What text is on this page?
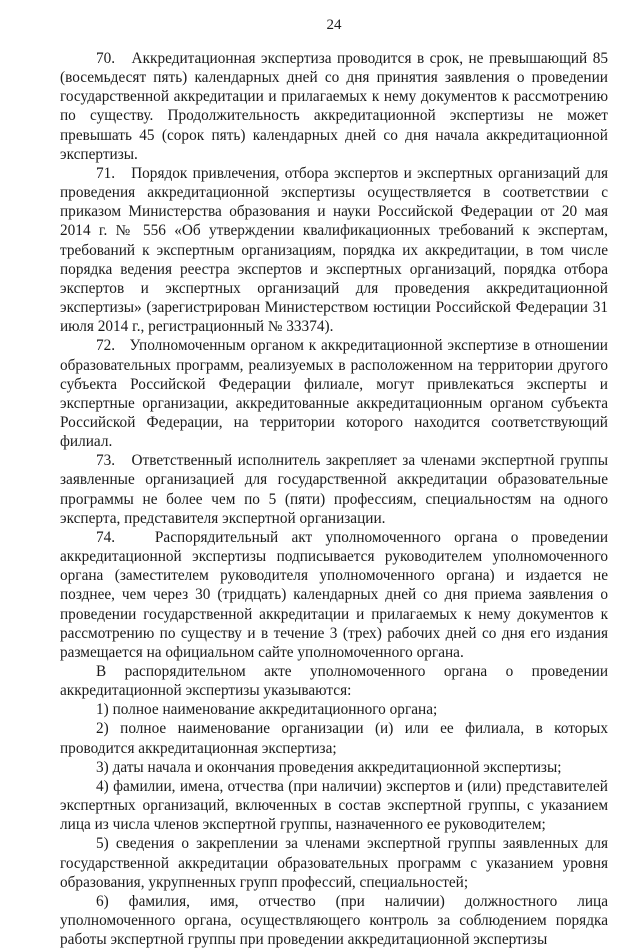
24

70.   Аккредитационная экспертиза проводится в срок, не превышающий 85 (восемьдесят пять) календарных дней со дня принятия заявления о проведении государственной аккредитации и прилагаемых к нему документов к рассмотрению по существу. Продолжительность аккредитационной экспертизы не может превышать 45 (сорок пять) календарных дней со дня начала аккредитационной экспертизы.

71.   Порядок привлечения, отбора экспертов и экспертных организаций для проведения аккредитационной экспертизы осуществляется в соответствии с приказом Министерства образования и науки Российской Федерации от 20 мая 2014 г. № 556 «Об утверждении квалификационных требований к экспертам, требований к экспертным организациям, порядка их аккредитации, в том числе порядка ведения реестра экспертов и экспертных организаций, порядка отбора экспертов и экспертных организаций для проведения аккредитационной экспертизы» (зарегистрирован Министерством юстиции Российской Федерации 31 июля 2014 г., регистрационный № 33374).

72.   Уполномоченным органом к аккредитационной экспертизе в отношении образовательных программ, реализуемых в расположенном на территории другого субъекта Российской Федерации филиале, могут привлекаться эксперты и экспертные организации, аккредитованные аккредитационным органом субъекта Российской Федерации, на территории которого находится соответствующий филиал.

73.   Ответственный исполнитель закрепляет за членами экспертной группы заявленные организацией для государственной аккредитации образовательные программы не более чем по 5 (пяти) профессиям, специальностям на одного эксперта, представителя экспертной организации.

74.   Распорядительный акт уполномоченного органа о проведении аккредитационной экспертизы подписывается руководителем уполномоченного органа (заместителем руководителя уполномоченного органа) и издается не позднее, чем через 30 (тридцать) календарных дней со дня приема заявления о проведении государственной аккредитации и прилагаемых к нему документов к рассмотрению по существу и в течение 3 (трех) рабочих дней со дня его издания размещается на официальном сайте уполномоченного органа.

В распорядительном акте уполномоченного органа о проведении аккредитационной экспертизы указываются:

1) полное наименование аккредитационного органа;

2) полное наименование организации (и) или ее филиала, в которых проводится аккредитационная экспертиза;

3) даты начала и окончания проведения аккредитационной экспертизы;

4) фамилии, имена, отчества (при наличии) экспертов и (или) представителей экспертных организаций, включенных в состав экспертной группы, с указанием лица из числа членов экспертной группы, назначенного ее руководителем;

5) сведения о закреплении за членами экспертной группы заявленных для государственной аккредитации образовательных программ с указанием уровня образования, укрупненных групп профессий, специальностей;

6) фамилия, имя, отчество (при наличии) должностного лица уполномоченного органа, осуществляющего контроль за соблюдением порядка работы экспертной группы при проведении аккредитационной экспертизы
